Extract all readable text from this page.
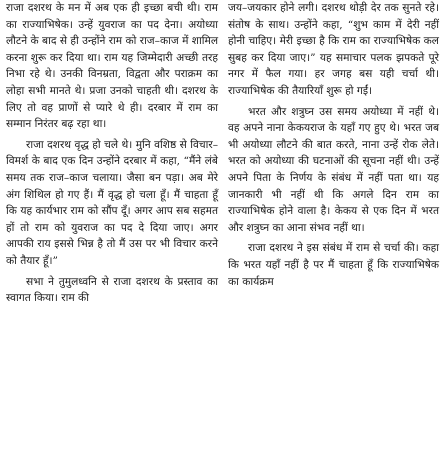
राजा दशरथ के मन में अब एक ही इच्छा बची थी। राम का राज्याभिषेक। उन्हें युवराज का पद देना। अयोध्या लौटने के बाद से ही उन्होंने राम को राज–काज में शामिल करना शुरू कर दिया था। राम यह जिम्मेदारी अच्छी तरह निभा रहे थे। उनकी विनम्रता, विद्वता और पराक्रम का लोहा सभी मानते थे। प्रजा उनको चाहती थी। दशरथ के लिए तो वह प्राणों से प्यारे थे ही। दरबार में राम का सम्मान निरंतर बढ़ रहा था।

राजा दशरथ वृद्ध हो चले थे। मुनि वशिष्ठ से विचार–विमर्श के बाद एक दिन उन्होंने दरबार में कहा, “मैंने लंबे समय तक राज–काज चलाया। जैसा बन पड़ा। अब मेरे अंग शिथिल हो गए हैं। मैं वृद्ध हो चला हूँ। मैं चाहता हूँ कि यह कार्यभार राम को सौंप दूँ। अगर आप सब सहमत हों तो राम को युवराज का पद दे दिया जाए। अगर आपकी राय इससे भिन्न है तो मैं उस पर भी विचार करने को तैयार हूँ।”

सभा ने तुमुलध्वनि से राजा दशरथ के प्रस्ताव का स्वागत किया। राम की

जय–जयकार होने लगी। दशरथ थोड़ी देर तक सुनते रहे। संतोष के साथ। उन्होंने कहा, “शुभ काम में देरी नहीं होनी चाहिए। मेरी इच्छा है कि राम का राज्याभिषेक कल सुबह कर दिया जाए।” यह समाचार पलक झपकते पूरे नगर में फैल गया। हर जगह बस यही चर्चा थी। राज्याभिषेक की तैयारियाँ शुरू हो गईं।

भरत और शत्रुघ्न उस समय अयोध्या में नहीं थे। वह अपने नाना केकयराज के यहाँ गए हुए थे। भरत जब भी अयोध्या लौटने की बात करते, नाना उन्हें रोक लेते। भरत को अयोध्या की घटनाओं की सूचना नहीं थी। उन्हें अपने पिता के निर्णय के संबंध में नहीं पता था। यह जानकारी भी नहीं थी कि अगले दिन राम का राज्याभिषेक होने वाला है। केकय से एक दिन में भरत और शत्रुघ्न का आना संभव नहीं था।

राजा दशरथ ने इस संबंध में राम से चर्चा की। कहा कि भरत यहाँ नहीं है पर मैं चाहता हूँ कि राज्याभिषेक का कार्यक्रम
